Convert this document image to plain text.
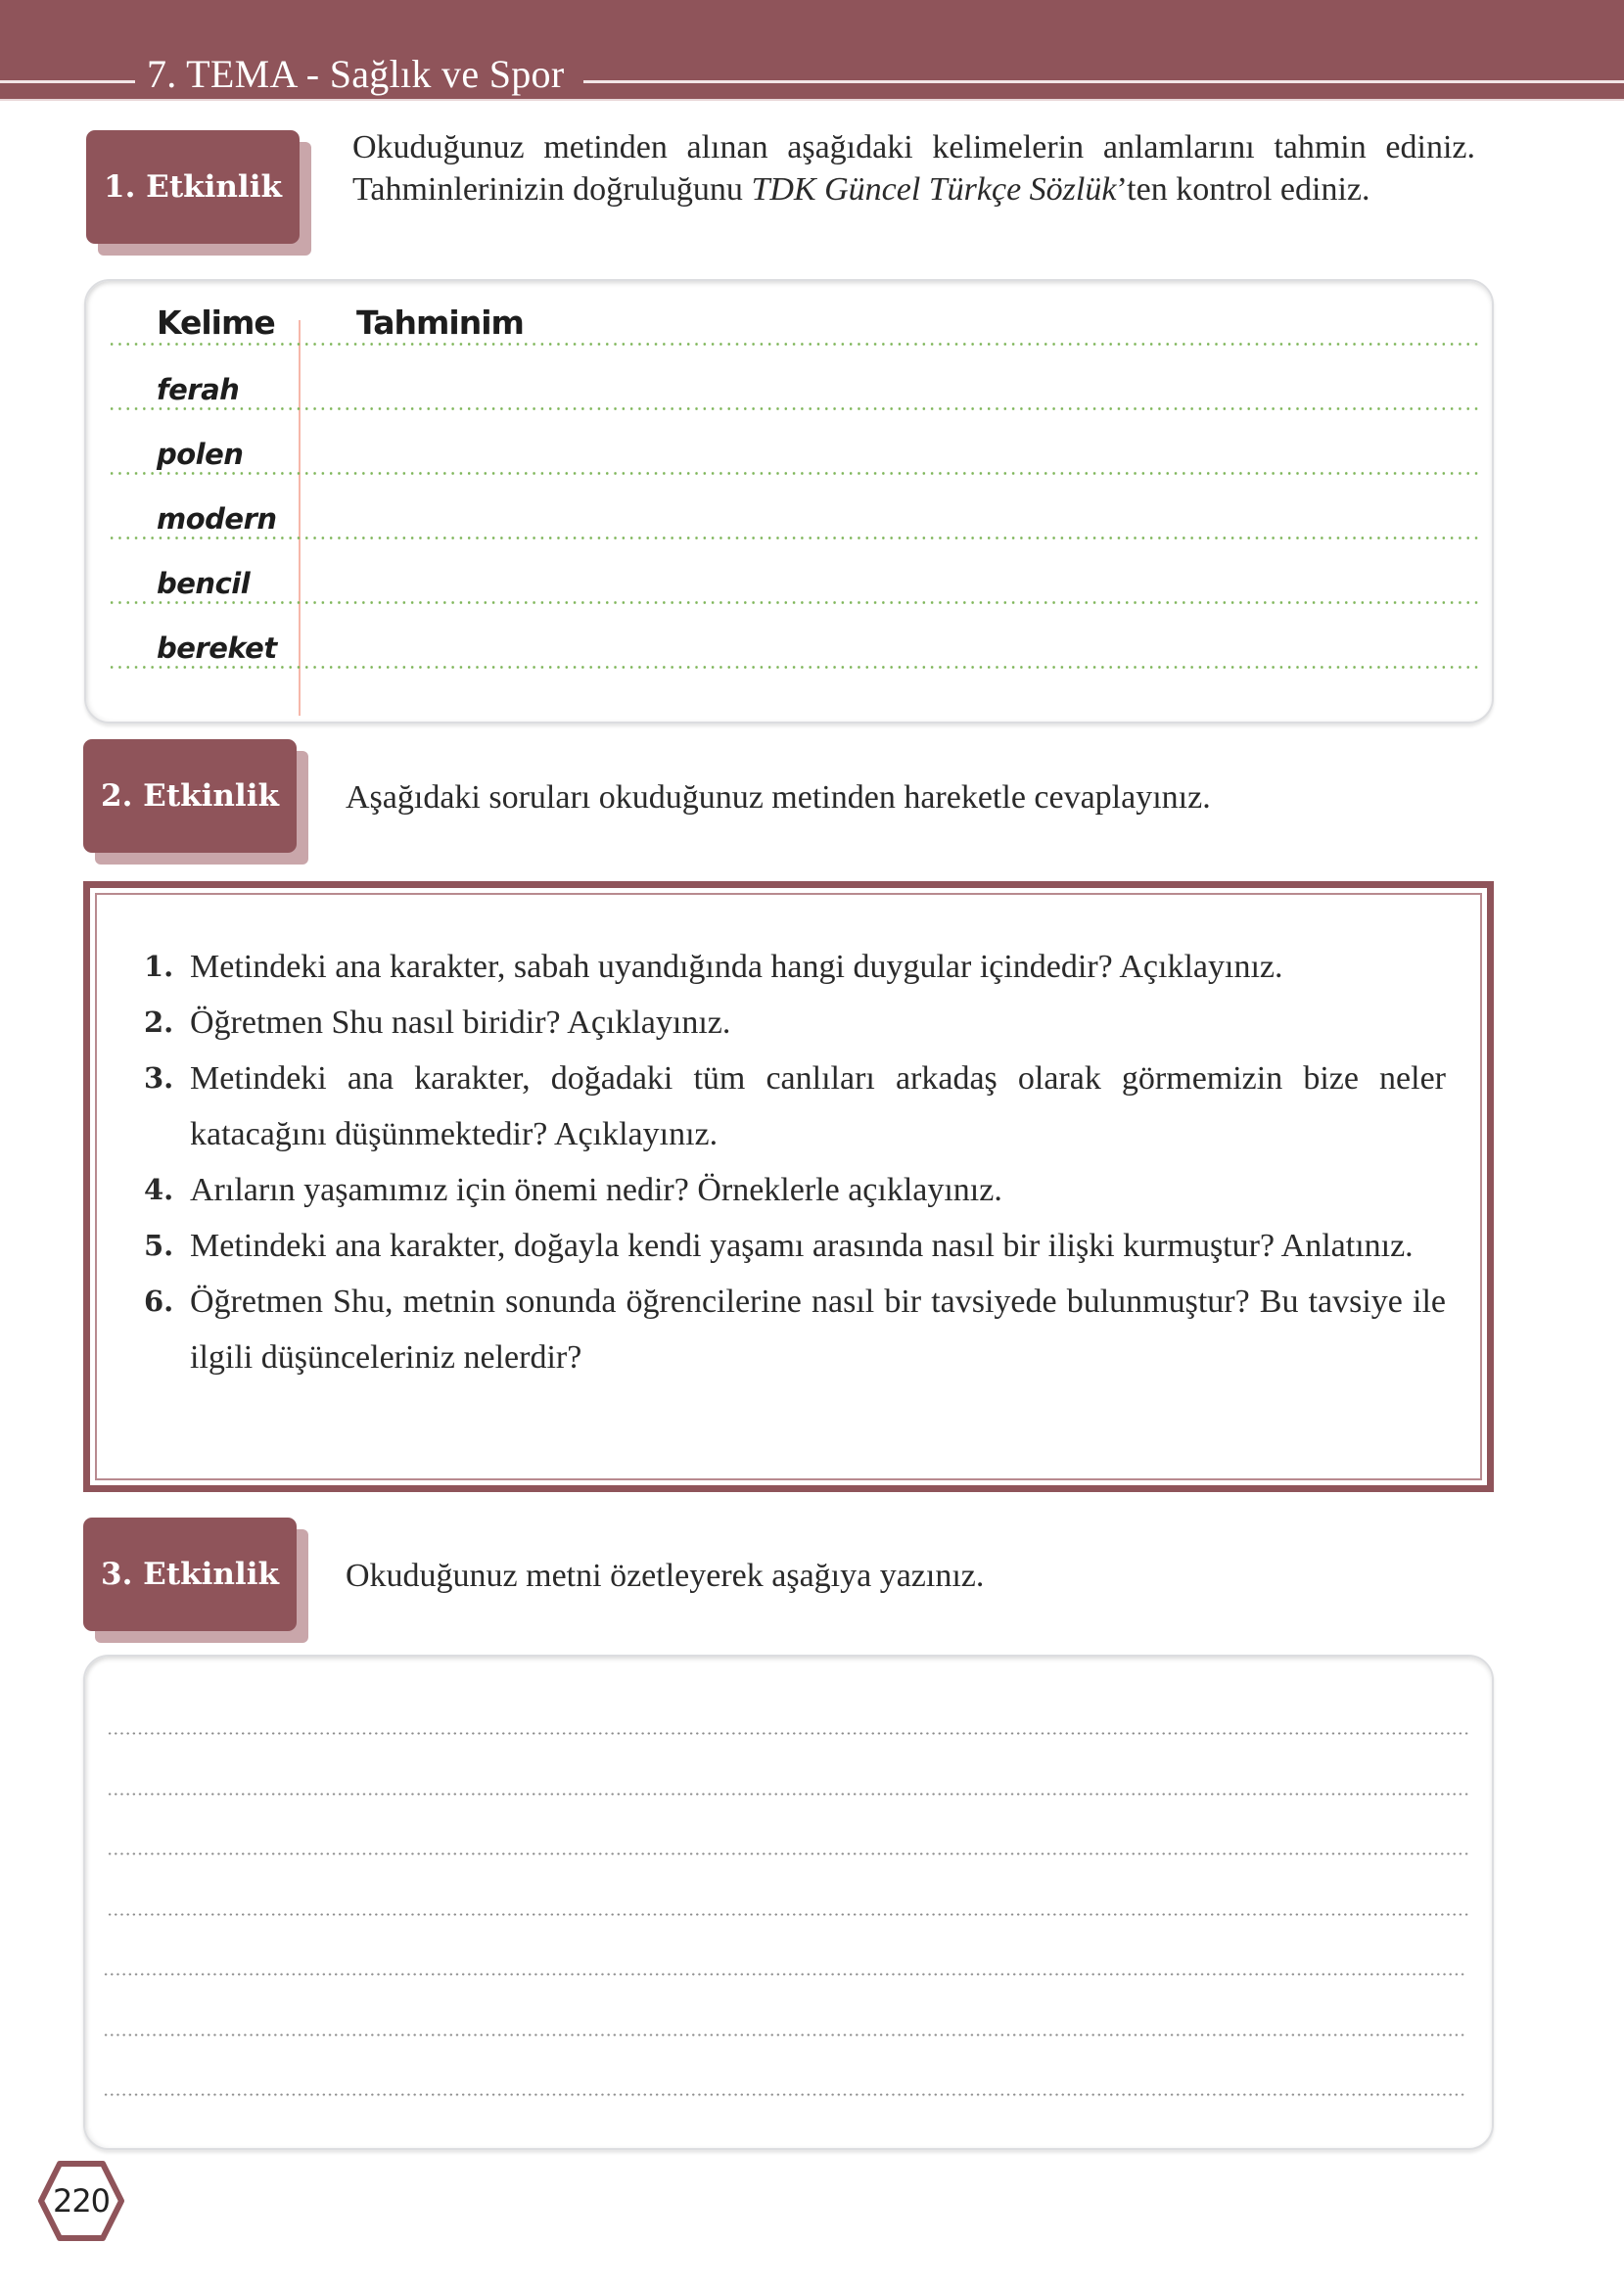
7. TEMA - Sağlık ve Spor
1. Etkinlik
Okuduğunuz metinden alınan aşağıdaki kelimelerin anlamlarını tahmin ediniz. Tahminlerinizin doğruluğunu TDK Güncel Türkçe Sözlük’ten kontrol ediniz.
Kelime	Tahminim
ferah
polen
modern
bencil
bereket
2. Etkinlik Aşağıdaki soruları okuduğunuz metinden hareketle cevaplayınız.
1. Metindeki ana karakter, sabah uyandığında hangi duygular içindedir? Açıklayınız.
2. Öğretmen Shu nasıl biridir? Açıklayınız.
3. Metindeki ana karakter, doğadaki tüm canlıları arkadaş olarak görmemizin bize neler katacağını düşünmektedir? Açıklayınız.
4. Arıların yaşamımız için önemi nedir? Örneklerle açıklayınız.
5. Metindeki ana karakter, doğayla kendi yaşamı arasında nasıl bir ilişki kurmuştur? Anlatınız.
6. Öğretmen Shu, metnin sonunda öğrencilerine nasıl bir tavsiyede bulunmuştur? Bu tavsiye ile ilgili düşünceleriniz nelerdir?
3. Etkinlik Okuduğunuz metni özetleyerek aşağıya yazınız.
220
